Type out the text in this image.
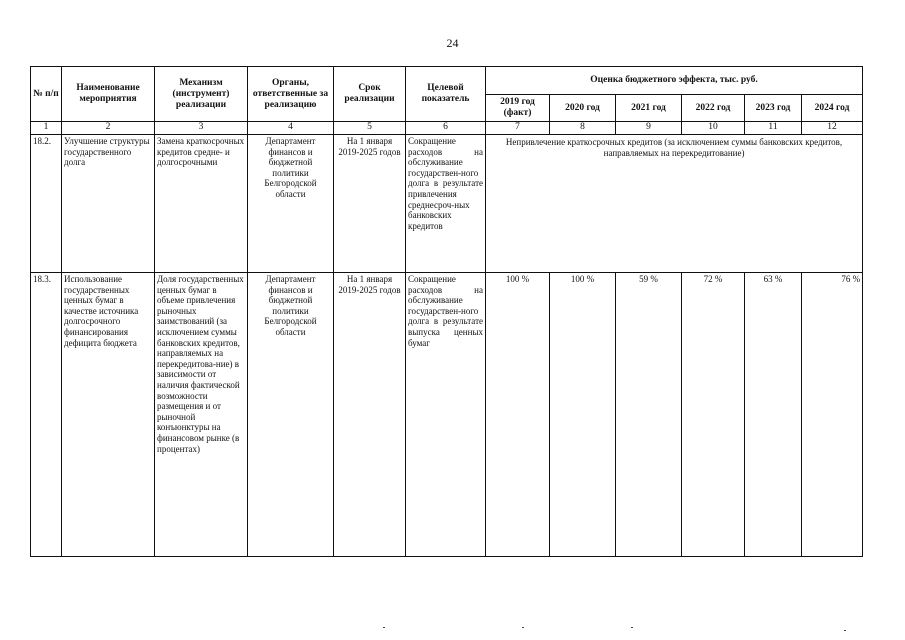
24
№ п/п	Наименование мероприятия	Механизм (инструмент) реализации	Органы, ответственные за реализацию	Срок реализации	Целевой показатель	Оценка бюджетного эффекта, тыс. руб.					
						2019 год (факт)	2020 год	2021 год	2022 год	2023 год	2024 год
1	2	3	4	5	6	7	8	9	10	11	12
18.2.	Улучшение структуры государственного долга	Замена краткосрочных кредитов средне- и долгосрочными	Департамент финансов и бюджетной политики Белгородской области	На 1 января 2019-2025 годов	Сокращение расходов на обслуживание государствен-ного долга в результате привлечения среднесроч-ных банковских кредитов	Непривлечение краткосрочных кредитов (за исключением суммы банковских кредитов, направляемых на перекредитование)					
18.3.	Использование государственных ценных бумаг в качестве источника долгосрочного финансирования дефицита бюджета	Доля государственных ценных бумаг в объеме привлечения рыночных заимствований (за исключением суммы банковских кредитов, направляемых на перекредитова-ние) в зависимости от наличия фактической возможности размещения и от рыночной конъюнктуры на финансовом рынке (в процентах)	Департамент финансов и бюджетной политики Белгородской области	На 1 января 2019-2025 годов	Сокращение расходов на обслуживание государствен-ного долга в результате выпуска ценных бумаг	100 %	100 %	59 %	72 %	63 %	76 %
